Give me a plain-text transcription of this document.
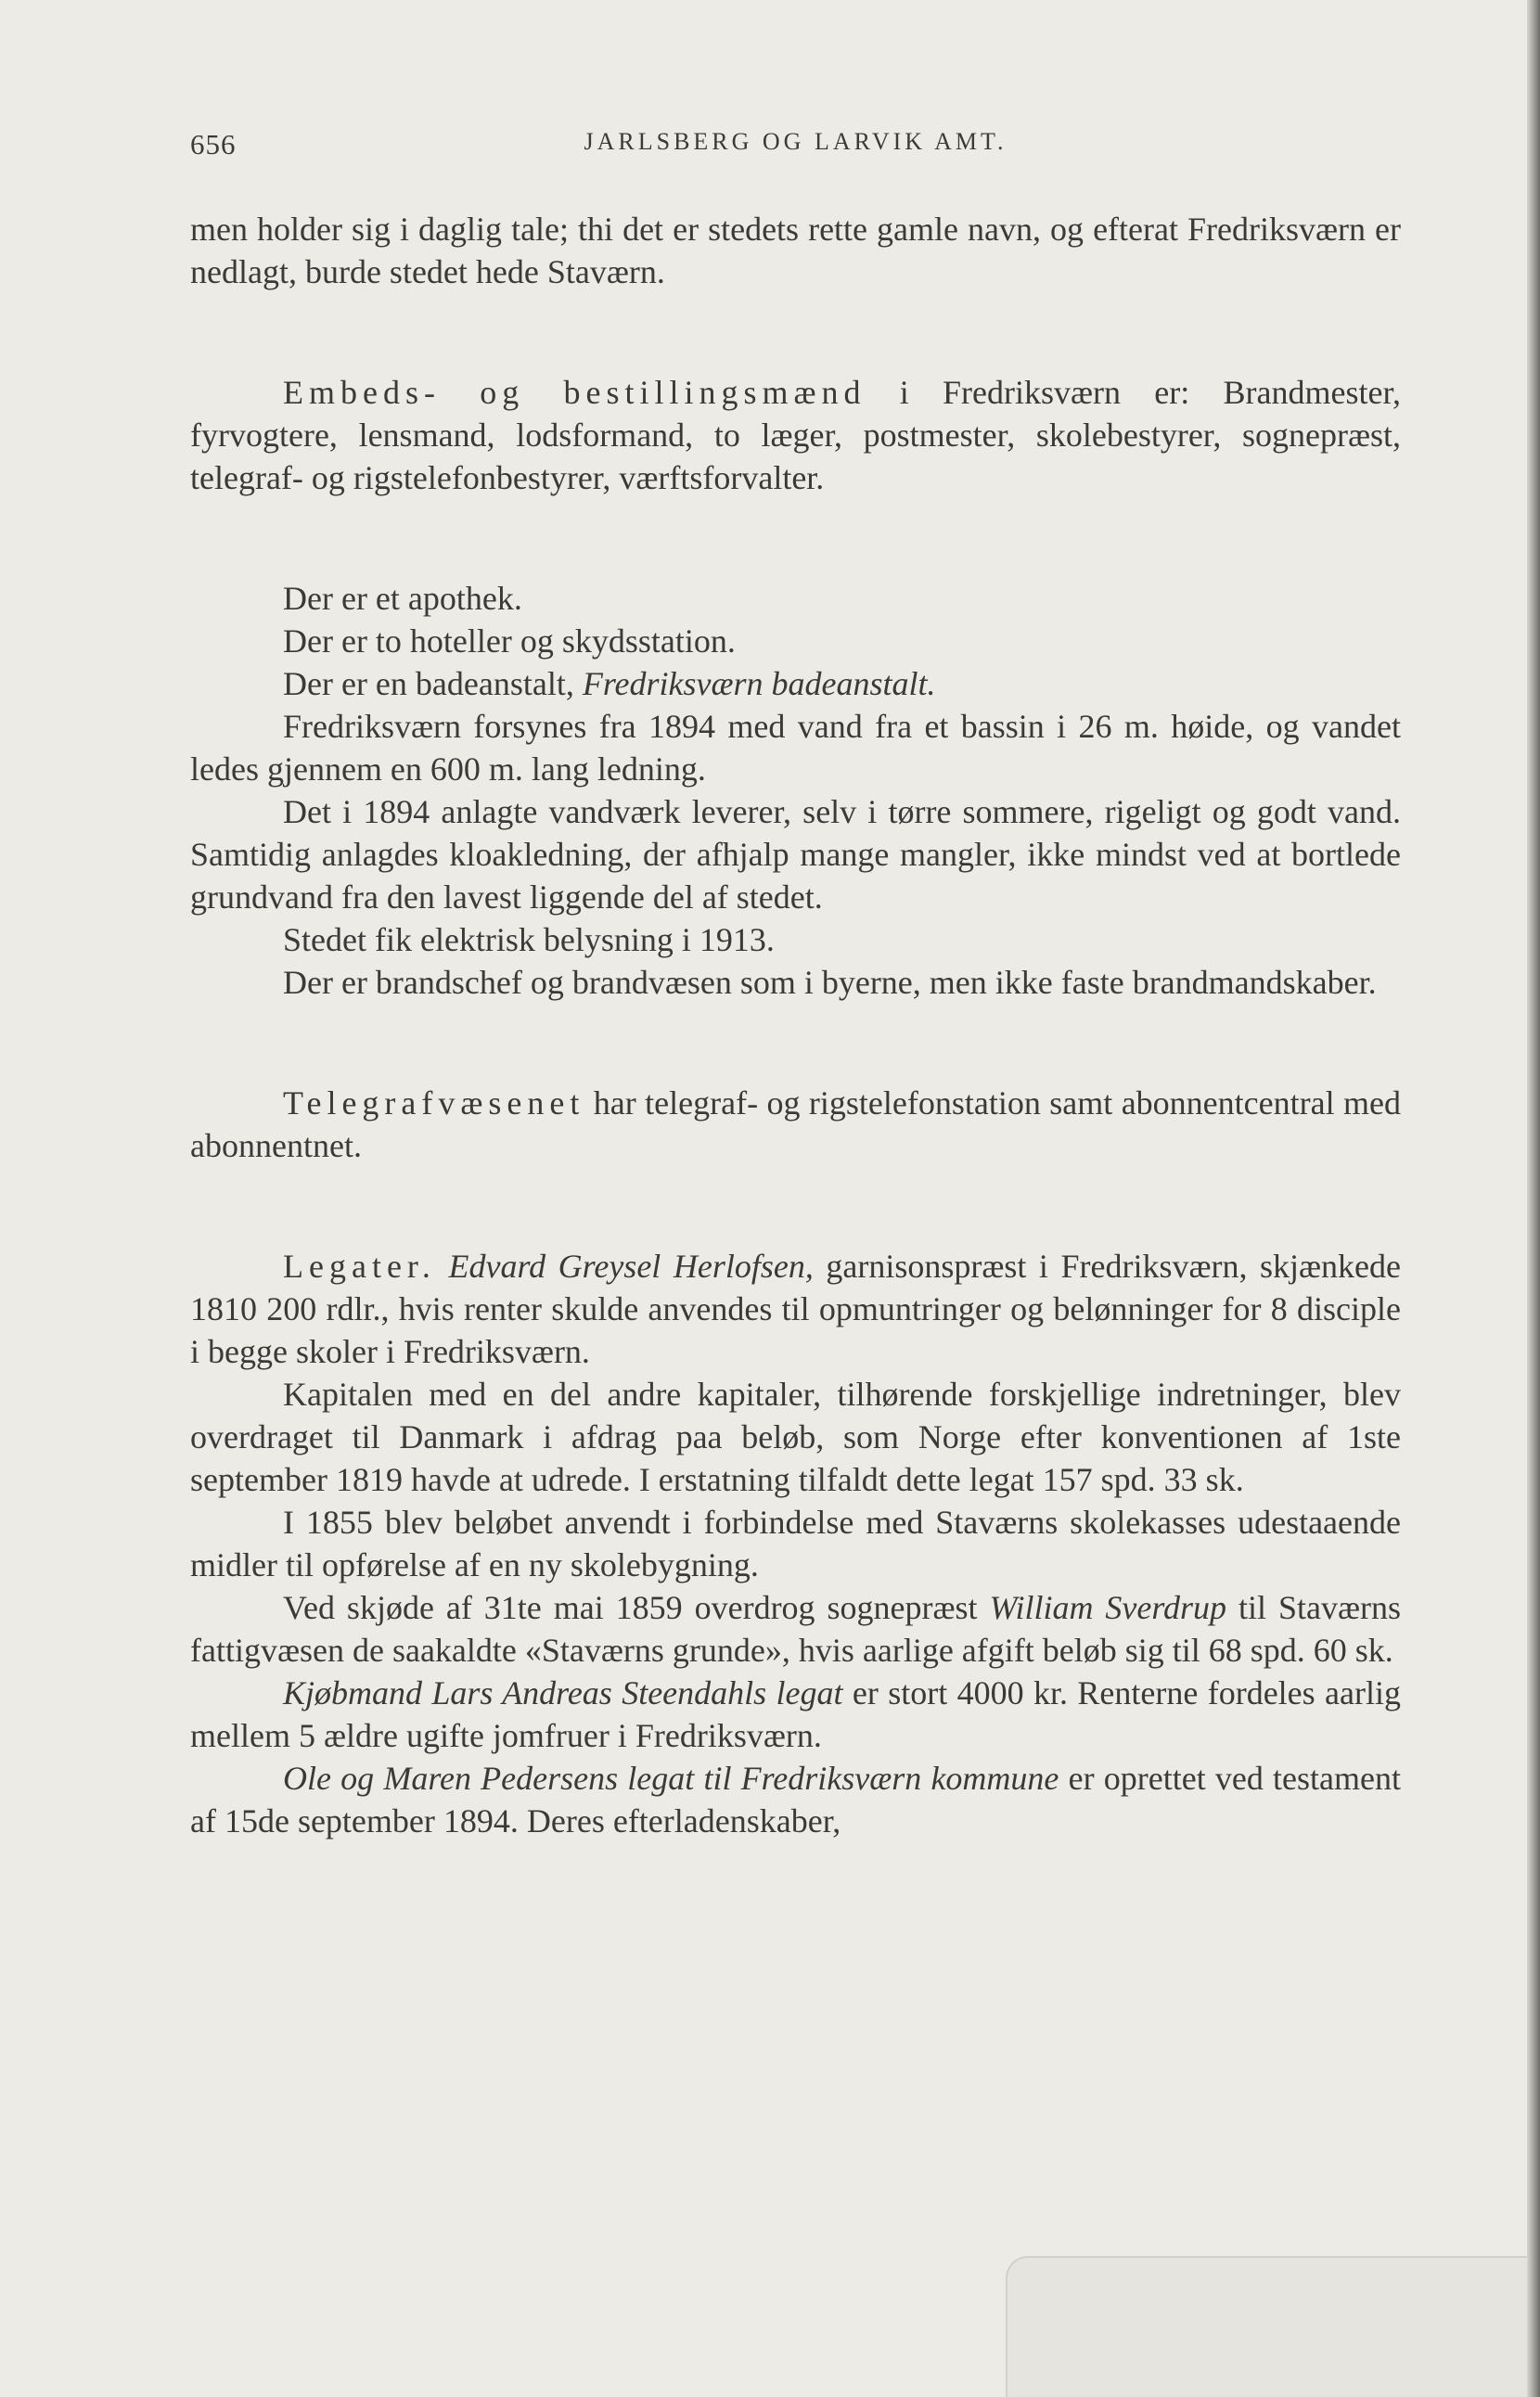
656	JARLSBERG OG LARVIK AMT.

men holder sig i daglig tale; thi det er stedets rette gamle navn, og efterat Fredriksværn er nedlagt, burde stedet hede Staværn.

Embeds- og bestillingsmænd i Fredriksværn er: Brandmester, fyrvogtere, lensmand, lodsformand, to læger, postmester, skolebestyrer, sognepræst, telegraf- og rigstelefonbestyrer, værftsforvalter.

Der er et apothek.

Der er to hoteller og skydsstation.

Der er en badeanstalt, Fredriksværn badeanstalt.

Fredriksværn forsynes fra 1894 med vand fra et bassin i 26 m. høide, og vandet ledes gjennem en 600 m. lang ledning.

Det i 1894 anlagte vandværk leverer, selv i tørre sommere, rigeligt og godt vand. Samtidig anlagdes kloakledning, der afhjalp mange mangler, ikke mindst ved at bortlede grundvand fra den lavest liggende del af stedet.

Stedet fik elektrisk belysning i 1913.

Der er brandschef og brandvæsen som i byerne, men ikke faste brandmandskaber.

Telegrafvæsenet har telegraf- og rigstelefonstation samt abonnentcentral med abonnentnet.

Legater. Edvard Greysel Herlofsen, garnisonspræst i Fredriksværn, skjænkede 1810 200 rdlr., hvis renter skulde anvendes til opmuntringer og belønninger for 8 disciple i begge skoler i Fredriksværn.

Kapitalen med en del andre kapitaler, tilhørende forskjellige indretninger, blev overdraget til Danmark i afdrag paa beløb, som Norge efter konventionen af 1ste september 1819 havde at udrede. I erstatning tilfaldt dette legat 157 spd. 33 sk.

I 1855 blev beløbet anvendt i forbindelse med Staværns skolekasses udestaaende midler til opførelse af en ny skolebygning.

Ved skjøde af 31te mai 1859 overdrog sognepræst William Sverdrup til Staværns fattigvæsen de saakaldte «Staværns grunde», hvis aarlige afgift beløb sig til 68 spd. 60 sk.

Kjøbmand Lars Andreas Steendahls legat er stort 4000 kr. Renterne fordeles aarlig mellem 5 ældre ugifte jomfruer i Fredriksværn.

Ole og Maren Pedersens legat til Fredriksværn kommune er oprettet ved testament af 15de september 1894. Deres efterladenskaber,
